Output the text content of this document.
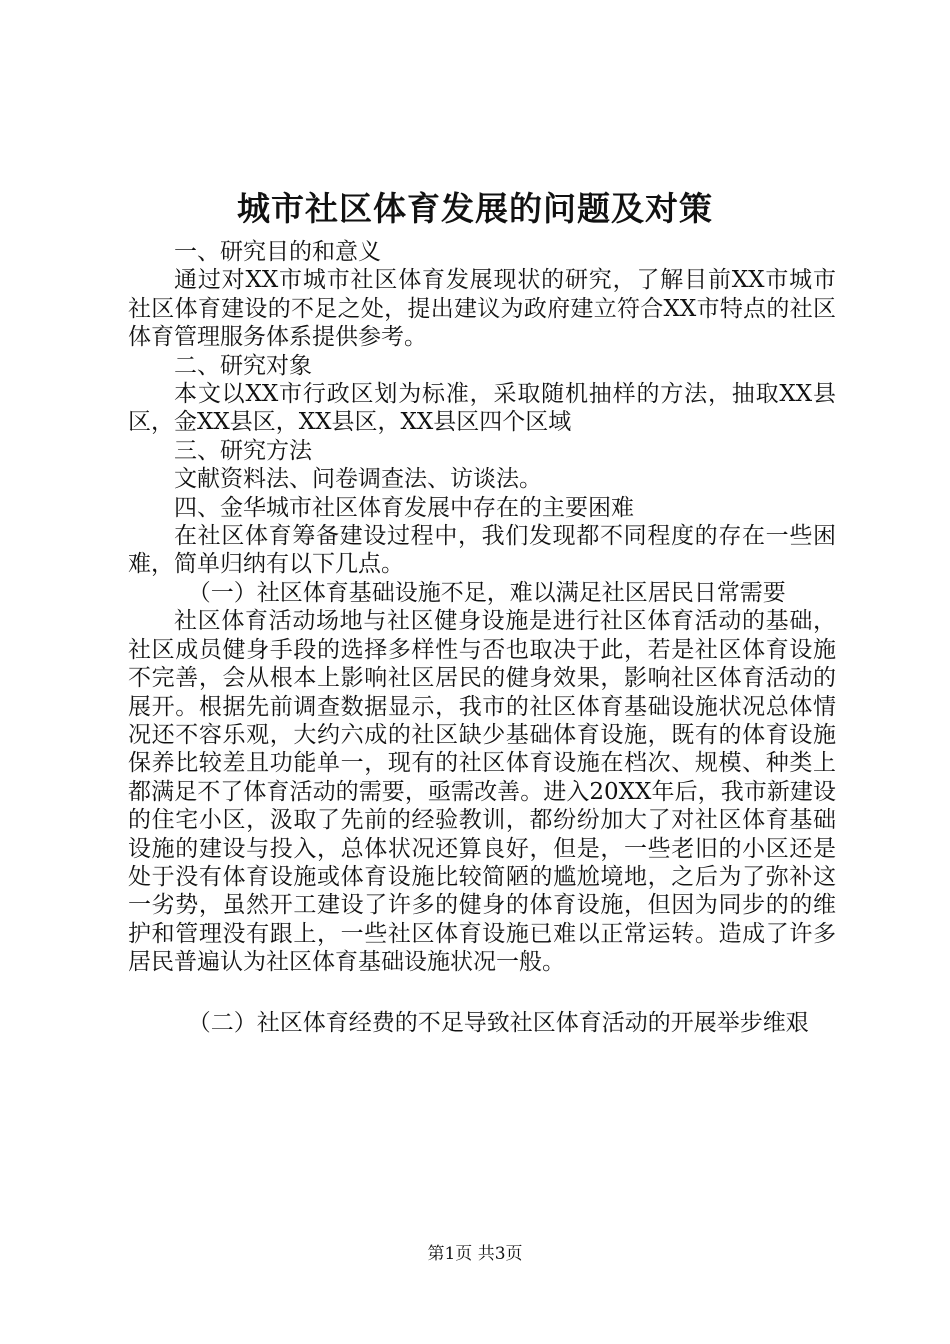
城市社区体育发展的问题及对策

一、研究目的和意义

通过对XX市城市社区体育发展现状的研究，了解目前XX市城市社区体育建设的不足之处，提出建议为政府建立符合XX市特点的社区体育管理服务体系提供参考。

二、研究对象

本文以XX市行政区划为标准，采取随机抽样的方法，抽取XX县区，金XX县区，XX县区，XX县区四个区域

三、研究方法

文献资料法、问卷调查法、访谈法。

四、金华城市社区体育发展中存在的主要困难

在社区体育筹备建设过程中，我们发现都不同程度的存在一些困难，简单归纳有以下几点。

（一）社区体育基础设施不足，难以满足社区居民日常需要

社区体育活动场地与社区健身设施是进行社区体育活动的基础，社区成员健身手段的选择多样性与否也取决于此，若是社区体育设施不完善，会从根本上影响社区居民的健身效果，影响社区体育活动的展开。根据先前调查数据显示，我市的社区体育基础设施状况总体情况还不容乐观，大约六成的社区缺少基础体育设施，既有的体育设施保养比较差且功能单一，现有的社区体育设施在档次、规模、种类上都满足不了体育活动的需要，亟需改善。进入20XX年后，我市新建设的住宅小区，汲取了先前的经验教训，都纷纷加大了对社区体育基础设施的建设与投入，总体状况还算良好，但是，一些老旧的小区还是处于没有体育设施或体育设施比较简陋的尴尬境地，之后为了弥补这一劣势，虽然开工建设了许多的健身的体育设施，但因为同步的的维护和管理没有跟上，一些社区体育设施已难以正常运转。造成了许多居民普遍认为社区体育基础设施状况一般。

（二）社区体育经费的不足导致社区体育活动的开展举步维艰

第1页 共3页
